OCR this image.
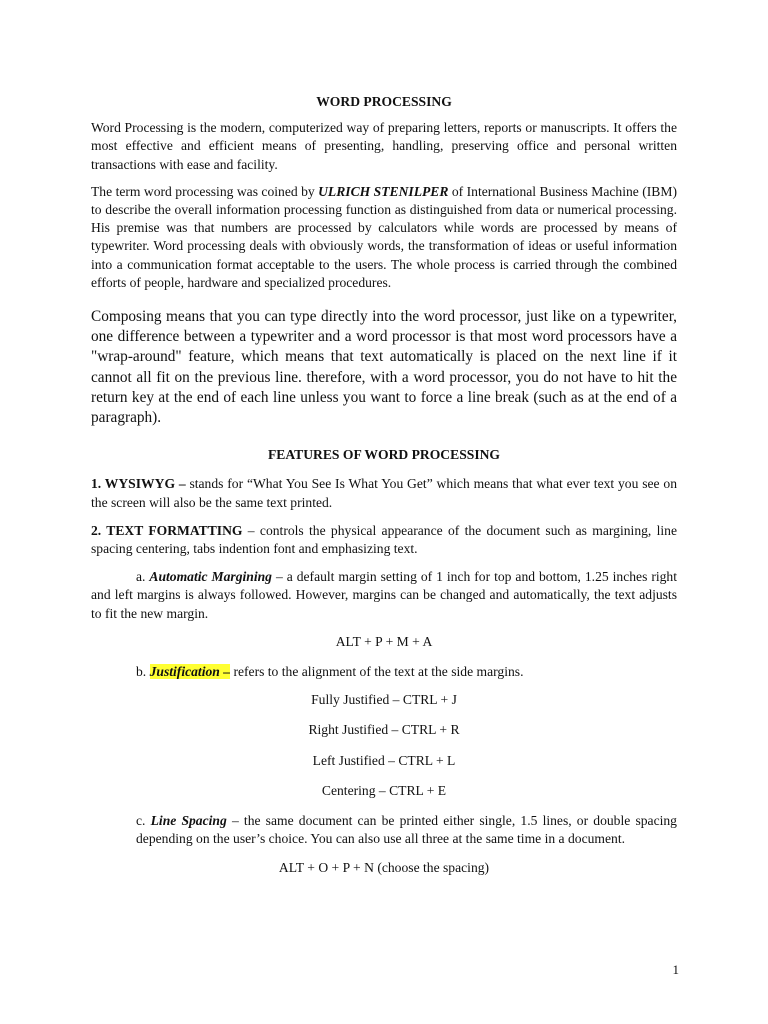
WORD PROCESSING

Word Processing is the modern, computerized way of preparing letters, reports or manuscripts. It offers the most effective and efficient means of presenting, handling, preserving office and personal written transactions with ease and facility.

The term word processing was coined by ULRICH STENILPER of International Business Machine (IBM) to describe the overall information processing function as distinguished from data or numerical processing. His premise was that numbers are processed by calculators while words are processed by means of typewriter. Word processing deals with obviously words, the transformation of ideas or useful information into a communication format acceptable to the users. The whole process is carried through the combined efforts of people, hardware and specialized procedures.

Composing means that you can type directly into the word processor, just like on a typewriter, one difference between a typewriter and a word processor is that most word processors have a "wrap-around" feature, which means that text automatically is placed on the next line if it cannot all fit on the previous line. therefore, with a word processor, you do not have to hit the return key at the end of each line unless you want to force a line break (such as at the end of a paragraph).

FEATURES OF WORD PROCESSING

1. WYSIWYG – stands for “What You See Is What You Get” which means that what ever text you see on the screen will also be the same text printed.

2. TEXT FORMATTING – controls the physical appearance of the document such as margining, line spacing centering, tabs indention font and emphasizing text.

a. Automatic Margining – a default margin setting of 1 inch for top and bottom, 1.25 inches right and left margins is always followed. However, margins can be changed and automatically, the text adjusts to fit the new margin.

ALT + P + M + A

b. Justification – refers to the alignment of the text at the side margins.

Fully Justified – CTRL + J
Right Justified – CTRL + R
Left Justified – CTRL + L
Centering – CTRL + E

c. Line Spacing – the same document can be printed either single, 1.5 lines, or double spacing depending on the user’s choice. You can also use all three at the same time in a document.

ALT + O + P + N (choose the spacing)
1
